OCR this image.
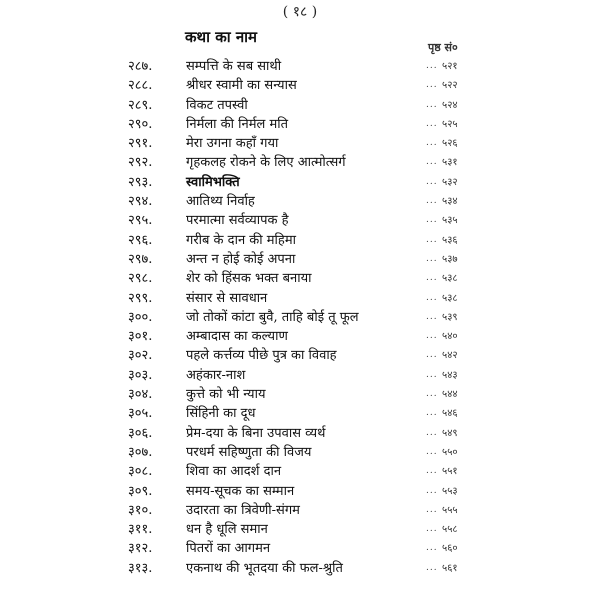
( १८ )
कथा का नाम
पृष्ठ सं०
२८७.	सम्पत्ति के सब साथी	... ५२१
२८८.	श्रीधर स्वामी का सन्यास	... ५२२
२८९.	विकट तपस्वी	... ५२४
२९०.	निर्मला की निर्मल मति	... ५२५
२९१.	मेरा उगना कहाँ गया	... ५२६
२९२.	गृहकलह रोकने के लिए आत्मोत्सर्ग	... ५३१
२९३.	स्वामिभक्ति	... ५३२
२९४.	आतिथ्य निर्वाह	... ५३४
२९५.	परमात्मा सर्वव्यापक है	... ५३५
२९६.	गरीब के दान की महिमा	... ५३६
२९७.	अन्त न होई कोई अपना	... ५३७
२९८.	शेर को हिंसक भक्त बनाया	... ५३८
२९९.	संसार से सावधान	... ५३८
३००.	जो तोकों कांटा बुवै, ताहि बोई तू फूल	... ५३९
३०१.	अम्बादास का कल्याण	... ५४०
३०२.	पहले कर्त्तव्य पीछे पुत्र का विवाह	... ५४२
३०३.	अहंकार-नाश	... ५४३
३०४.	कुत्ते को भी न्याय	... ५४४
३०५.	सिंहिनी का दूध	... ५४६
३०६.	प्रेम-दया के बिना उपवास व्यर्थ	... ५४९
३०७.	परधर्म सहिष्णुता की विजय	... ५५०
३०८.	शिवा का आदर्श दान	... ५५१
३०९.	समय-सूचक का सम्मान	... ५५३
३१०.	उदारता का त्रिवेणी-संगम	... ५५५
३११.	धन है धूलि समान	... ५५८
३१२.	पितरों का आगमन	... ५६०
३१३.	एकनाथ की भूतदया की फल-श्रुति	... ५६१
